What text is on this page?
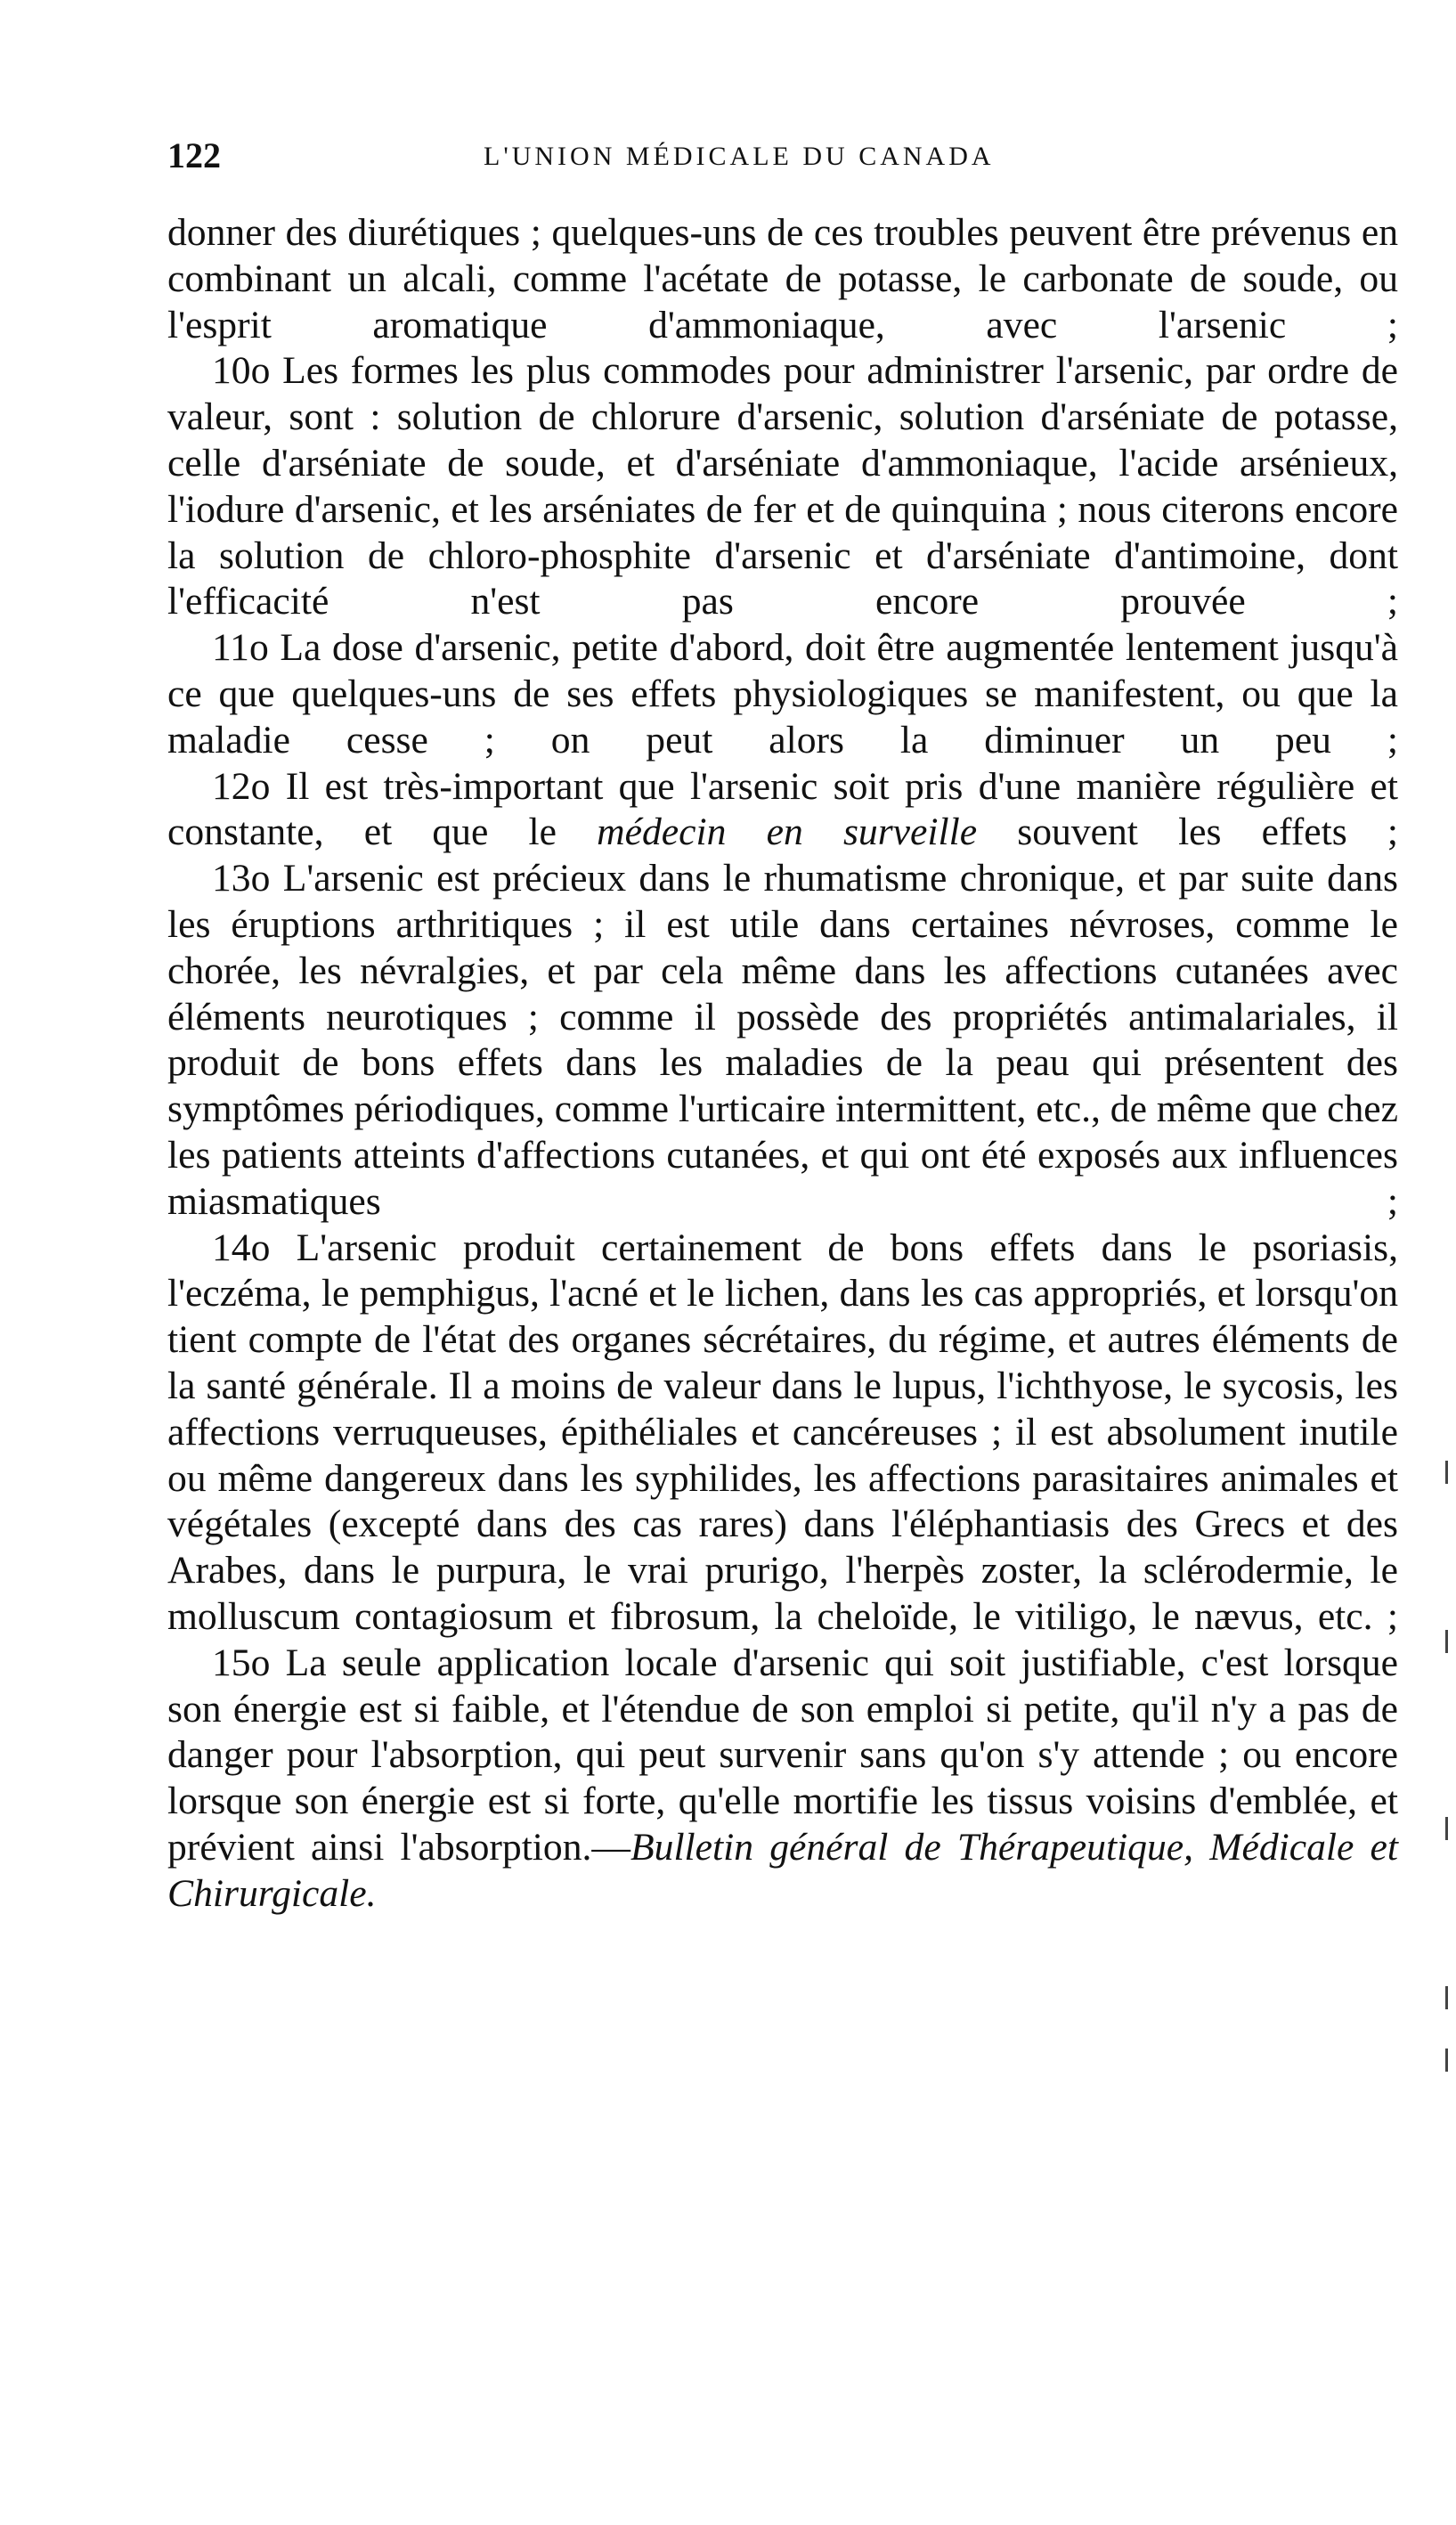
122	L'UNION MÉDICALE DU CANADA

donner des diurétiques ; quelques-uns de ces troubles peuvent être prévenus en combinant un alcali, comme l'acétate de potasse, le carbonate de soude, ou l'esprit aromatique d'ammoniaque, avec l'arsenic ;

10o Les formes les plus commodes pour administrer l'arsenic, par ordre de valeur, sont : solution de chlorure d'arsenic, solution d'arséniate de potasse, celle d'arséniate de soude, et d'arséniate d'ammoniaque, l'acide arsénieux, l'iodure d'arsenic, et les arséniates de fer et de quinquina ; nous citerons encore la solution de chloro-phosphite d'arsenic et d'arséniate d'antimoine, dont l'efficacité n'est pas encore prouvée ;

11o La dose d'arsenic, petite d'abord, doit être augmentée lentement jusqu'à ce que quelques-uns de ses effets physiologiques se manifestent, ou que la maladie cesse ; on peut alors la diminuer un peu ;

12o Il est très-important que l'arsenic soit pris d'une manière régulière et constante, et que le médecin en surveille souvent les effets ;

13o L'arsenic est précieux dans le rhumatisme chronique, et par suite dans les éruptions arthritiques ; il est utile dans certaines névroses, comme le chorée, les névralgies, et par cela même dans les affections cutanées avec éléments neurotiques ; comme il possède des propriétés antimalariales, il produit de bons effets dans les maladies de la peau qui présentent des symptômes périodiques, comme l'urticaire intermittent, etc., de même que chez les patients atteints d'affections cutanées, et qui ont été exposés aux influences miasmatiques ;

14o L'arsenic produit certainement de bons effets dans le psoriasis, l'eczéma, le pemphigus, l'acné et le lichen, dans les cas appropriés, et lorsqu'on tient compte de l'état des organes sécrétaires, du régime, et autres éléments de la santé générale. Il a moins de valeur dans le lupus, l'ichthyose, le sycosis, les affections verruqueuses, épithéliales et cancéreuses ; il est absolument inutile ou même dangereux dans les syphilides, les affections parasitaires animales et végétales (excepté dans des cas rares) dans l'éléphantiasis des Grecs et des Arabes, dans le purpura, le vrai prurigo, l'herpès zoster, la sclérodermie, le molluscum contagiosum et fibrosum, la cheloïde, le vitiligo, le nævus, etc. ;

15o La seule application locale d'arsenic qui soit justifiable, c'est lorsque son énergie est si faible, et l'étendue de son emploi si petite, qu'il n'y a pas de danger pour l'absorption, qui peut survenir sans qu'on s'y attende ; ou encore lorsque son énergie est si forte, qu'elle mortifie les tissus voisins d'emblée, et prévient ainsi l'absorption.—Bulletin général de Thérapeutique, Médicale et Chirurgicale.
